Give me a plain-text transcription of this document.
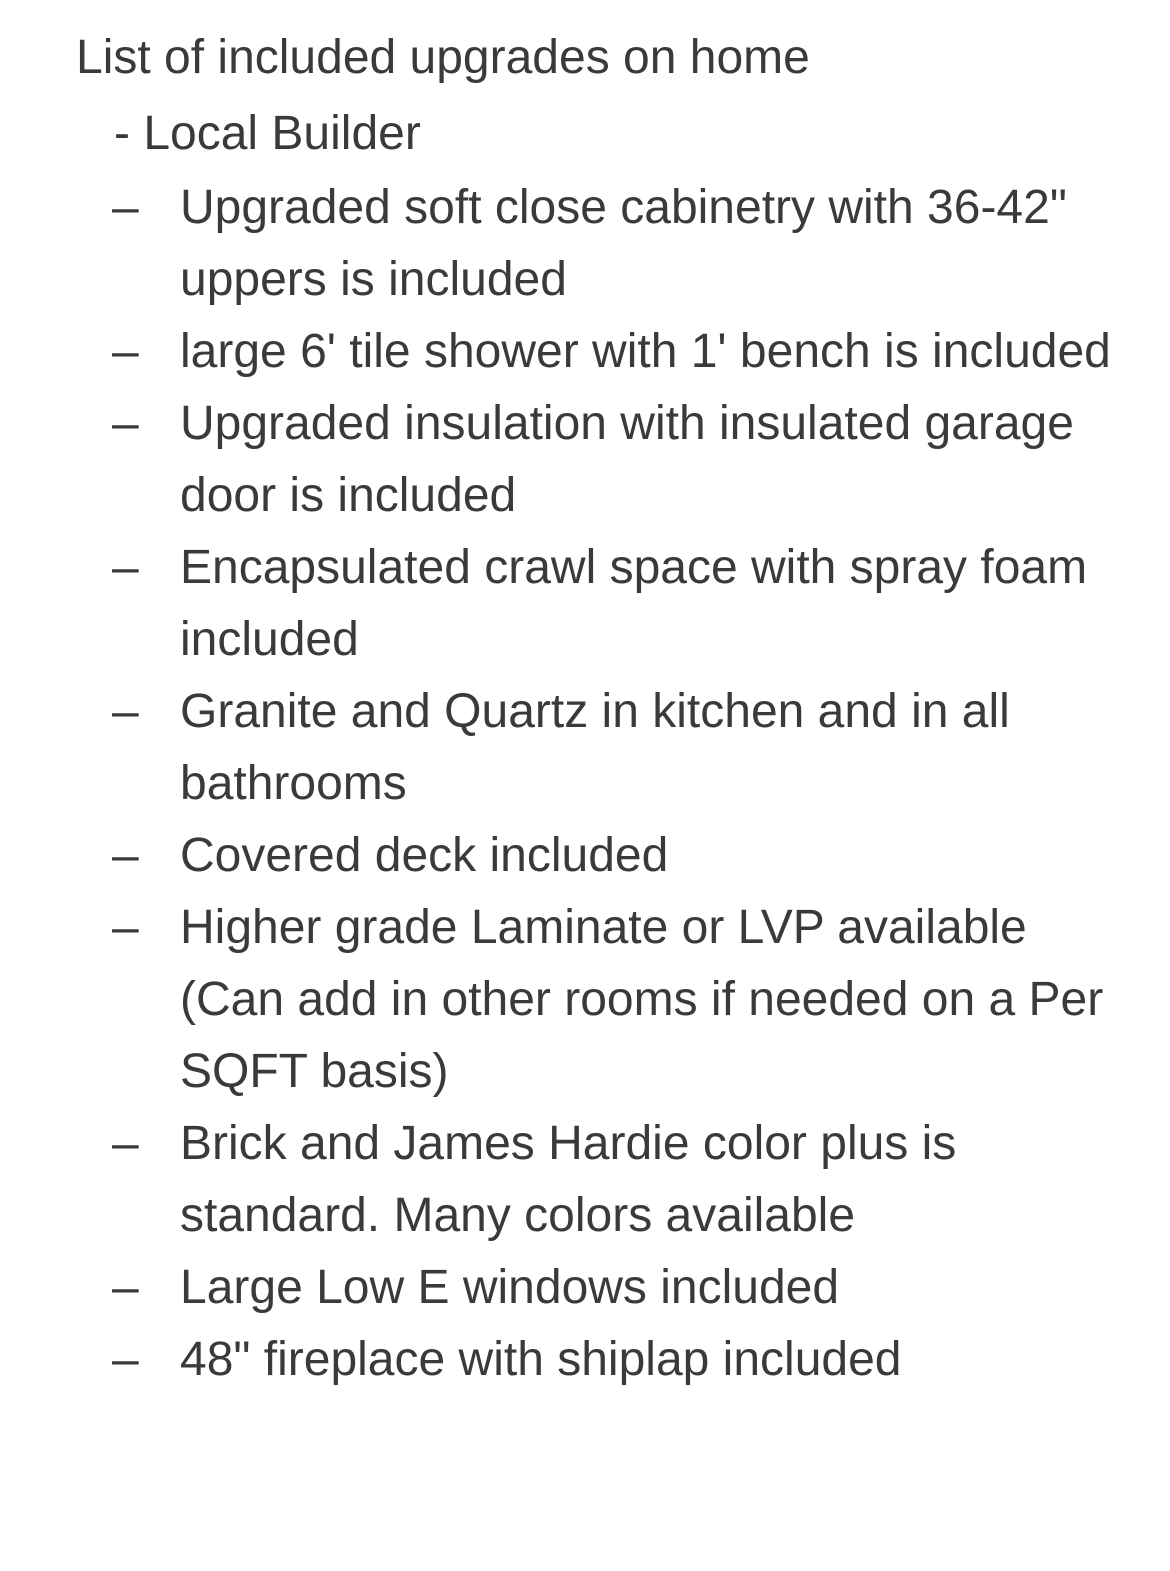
List of included upgrades on home
- Local Builder
– Upgraded soft close cabinetry with 36-42" uppers is included
– large 6' tile shower with 1' bench is included
– Upgraded insulation with insulated garage door is included
– Encapsulated crawl space with spray foam included
– Granite and Quartz in kitchen and in all bathrooms
– Covered deck included
– Higher grade Laminate or LVP available (Can add in other rooms if needed on a Per SQFT basis)
– Brick and James Hardie color plus is standard. Many colors available
– Large Low E windows included
– 48" fireplace with shiplap included
